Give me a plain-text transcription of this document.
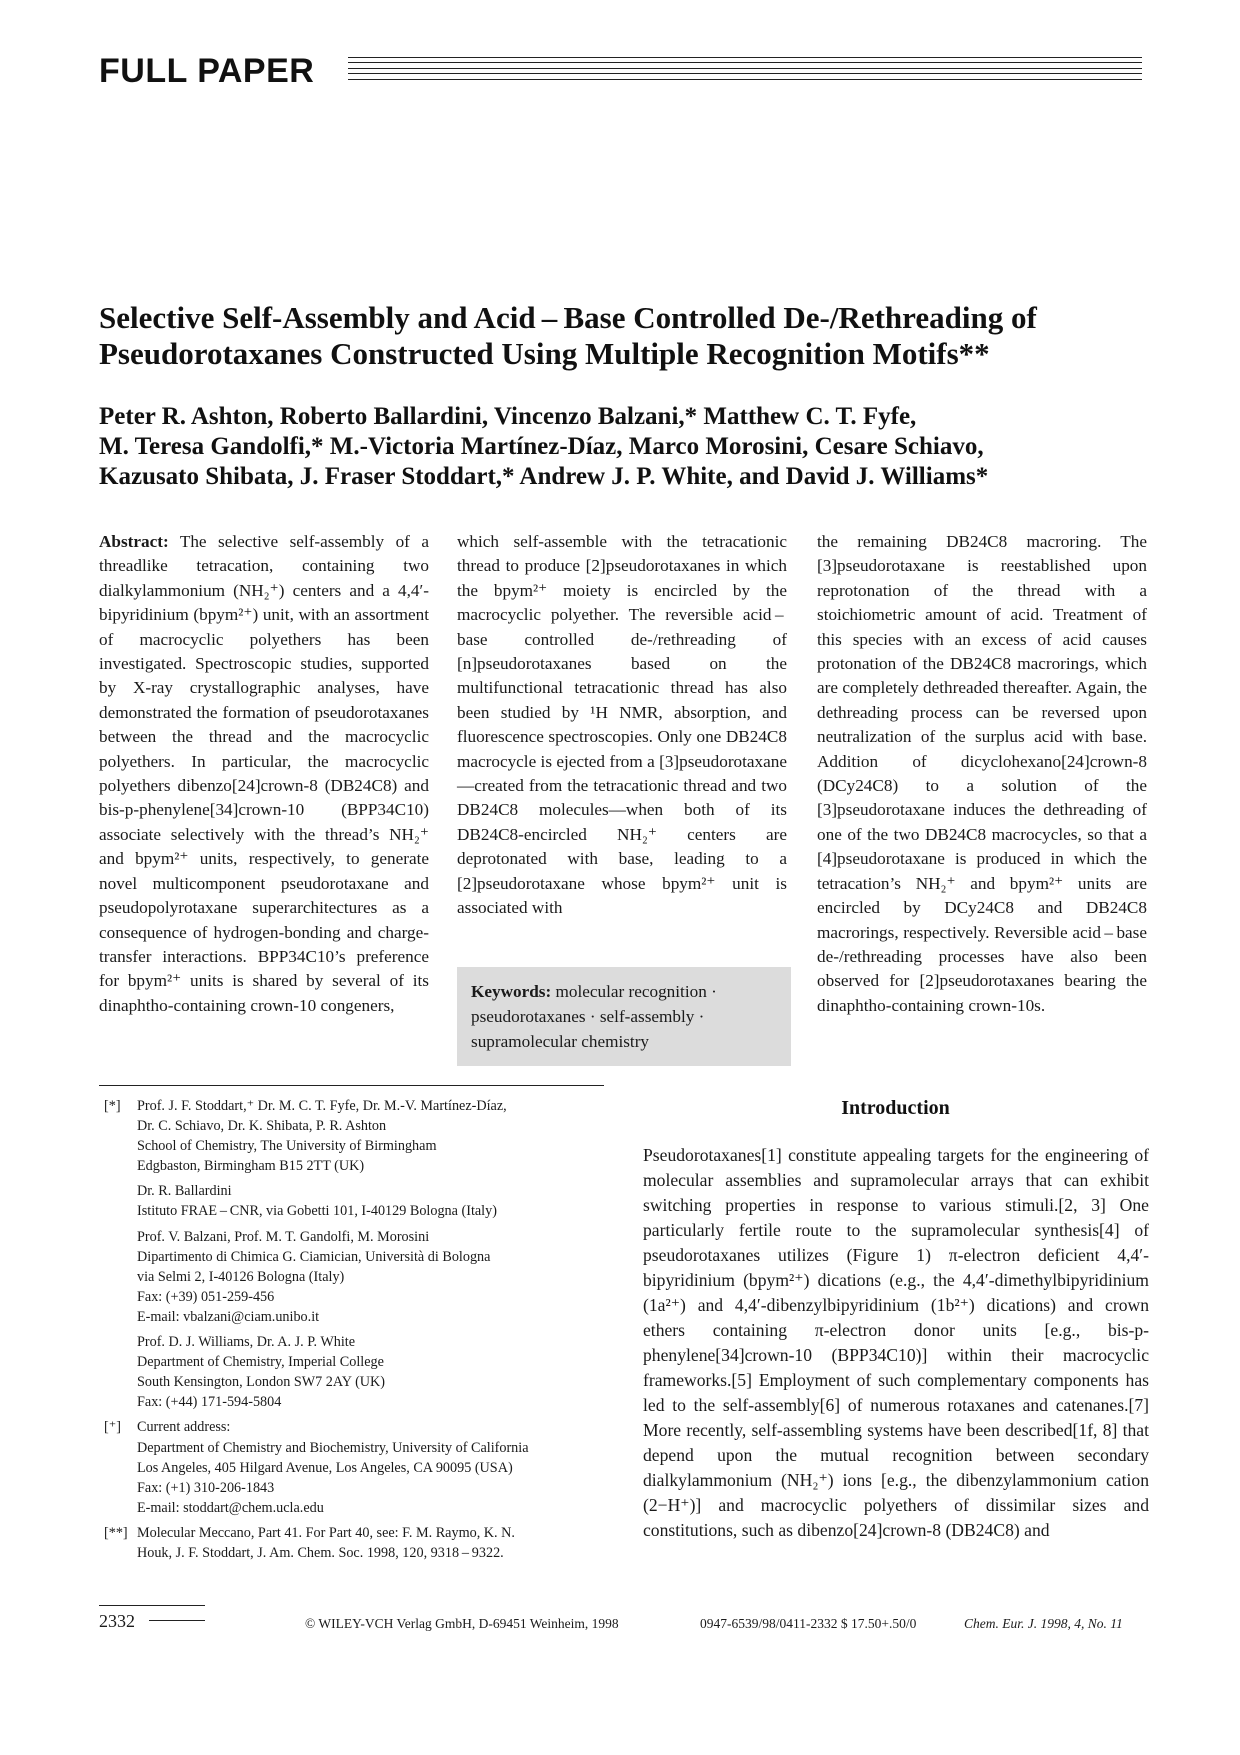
FULL PAPER
Selective Self-Assembly and Acid – Base Controlled De-/Rethreading of Pseudorotaxanes Constructed Using Multiple Recognition Motifs**
Peter R. Ashton, Roberto Ballardini, Vincenzo Balzani,* Matthew C. T. Fyfe,
M. Teresa Gandolfi,* M.-Victoria Martínez-Díaz, Marco Morosini, Cesare Schiavo,
Kazusato Shibata, J. Fraser Stoddart,* Andrew J. P. White, and David J. Williams*

Abstract: The selective self-assembly of a threadlike tetracation, containing two dialkylammonium (NH₂⁺) centers and a 4,4′-bipyridinium (bpym²⁺) unit, with an assortment of macrocyclic polyethers has been investigated. Spectroscopic studies, supported by X-ray crystallographic analyses, have demonstrated the formation of pseudorotaxanes between the thread and the macrocyclic polyethers. In particular, the macrocyclic polyethers dibenzo[24]crown-8 (DB24C8) and bis-p-phenylene[34]crown-10 (BPP34C10) associate selectively with the thread’s NH₂⁺ and bpym²⁺ units, respectively, to generate novel multicomponent pseudorotaxane and pseudopolyrotaxane superarchitectures as a consequence of hydrogen-bonding and charge-transfer interactions. BPP34C10’s preference for bpym²⁺ units is shared by several of its dinaphtho-containing crown-10 congeners,

which self-assemble with the tetracationic thread to produce [2]pseudorotaxanes in which the bpym²⁺ moiety is encircled by the macrocyclic polyether. The reversible acid – base controlled de-/rethreading of [n]pseudorotaxanes based on the multifunctional tetracationic thread has also been studied by ¹H NMR, absorption, and fluorescence spectroscopies. Only one DB24C8 macrocycle is ejected from a [3]pseudorotaxane—created from the tetracationic thread and two DB24C8 molecules—when both of its DB24C8-encircled NH₂⁺ centers are deprotonated with base, leading to a [2]pseudorotaxane whose bpym²⁺ unit is associated with

Keywords: molecular recognition · pseudorotaxanes · self-assembly · supramolecular chemistry

the remaining DB24C8 macroring. The [3]pseudorotaxane is reestablished upon reprotonation of the thread with a stoichiometric amount of acid. Treatment of this species with an excess of acid causes protonation of the DB24C8 macrorings, which are completely dethreaded thereafter. Again, the dethreading process can be reversed upon neutralization of the surplus acid with base. Addition of dicyclohexano[24]crown-8 (DCy24C8) to a solution of the [3]pseudorotaxane induces the dethreading of one of the two DB24C8 macrocycles, so that a [4]pseudorotaxane is produced in which the tetracation’s NH₂⁺ and bpym²⁺ units are encircled by DCy24C8 and DB24C8 macrorings, respectively. Reversible acid – base de-/rethreading processes have also been observed for [2]pseudorotaxanes bearing the dinaphtho-containing crown-10s.

[*]	Prof. J. F. Stoddart,⁺ Dr. M. C. T. Fyfe, Dr. M.-V. Martínez-Díaz,
Dr. C. Schiavo, Dr. K. Shibata, P. R. Ashton
School of Chemistry, The University of Birmingham
Edgbaston, Birmingham B15 2TT (UK)
Dr. R. Ballardini
Istituto FRAE – CNR, via Gobetti 101, I-40129 Bologna (Italy)
Prof. V. Balzani, Prof. M. T. Gandolfi, M. Morosini
Dipartimento di Chimica G. Ciamician, Università di Bologna
via Selmi 2, I-40126 Bologna (Italy)
Fax: (+39) 051-259-456
E-mail: vbalzani@ciam.unibo.it
Prof. D. J. Williams, Dr. A. J. P. White
Department of Chemistry, Imperial College
South Kensington, London SW7 2AY (UK)
Fax: (+44) 171-594-5804
[⁺]	Current address:
Department of Chemistry and Biochemistry, University of California
Los Angeles, 405 Hilgard Avenue, Los Angeles, CA 90095 (USA)
Fax: (+1) 310-206-1843
E-mail: stoddart@chem.ucla.edu
[**] Molecular Meccano, Part 41. For Part 40, see: F. M. Raymo, K. N.
Houk, J. F. Stoddart, J. Am. Chem. Soc. 1998, 120, 9318 – 9322.
Introduction

Pseudorotaxanes[1] constitute appealing targets for the engineering of molecular assemblies and supramolecular arrays that can exhibit switching properties in response to various stimuli.[2, 3] One particularly fertile route to the supramolecular synthesis[4] of pseudorotaxanes utilizes (Figure 1) π-electron deficient 4,4′-bipyridinium (bpym²⁺) dications (e.g., the 4,4′-dimethylbipyridinium (1a²⁺) and 4,4′-dibenzylbipyridinium (1b²⁺) dications) and crown ethers containing π-electron donor units [e.g., bis-p-phenylene[34]crown-10 (BPP34C10)] within their macrocyclic frameworks.[5] Employment of such complementary components has led to the self-assembly[6] of numerous rotaxanes and catenanes.[7] More recently, self-assembling systems have been described[1f, 8] that depend upon the mutual recognition between secondary dialkylammonium (NH₂⁺) ions [e.g., the dibenzylammonium cation (2−H⁺)] and macrocyclic polyethers of dissimilar sizes and constitutions, such as dibenzo[24]crown-8 (DB24C8) and

2332	© WILEY-VCH Verlag GmbH, D-69451 Weinheim, 1998	0947-6539/98/0411-2332 $ 17.50+.50/0	Chem. Eur. J. 1998, 4, No. 11
